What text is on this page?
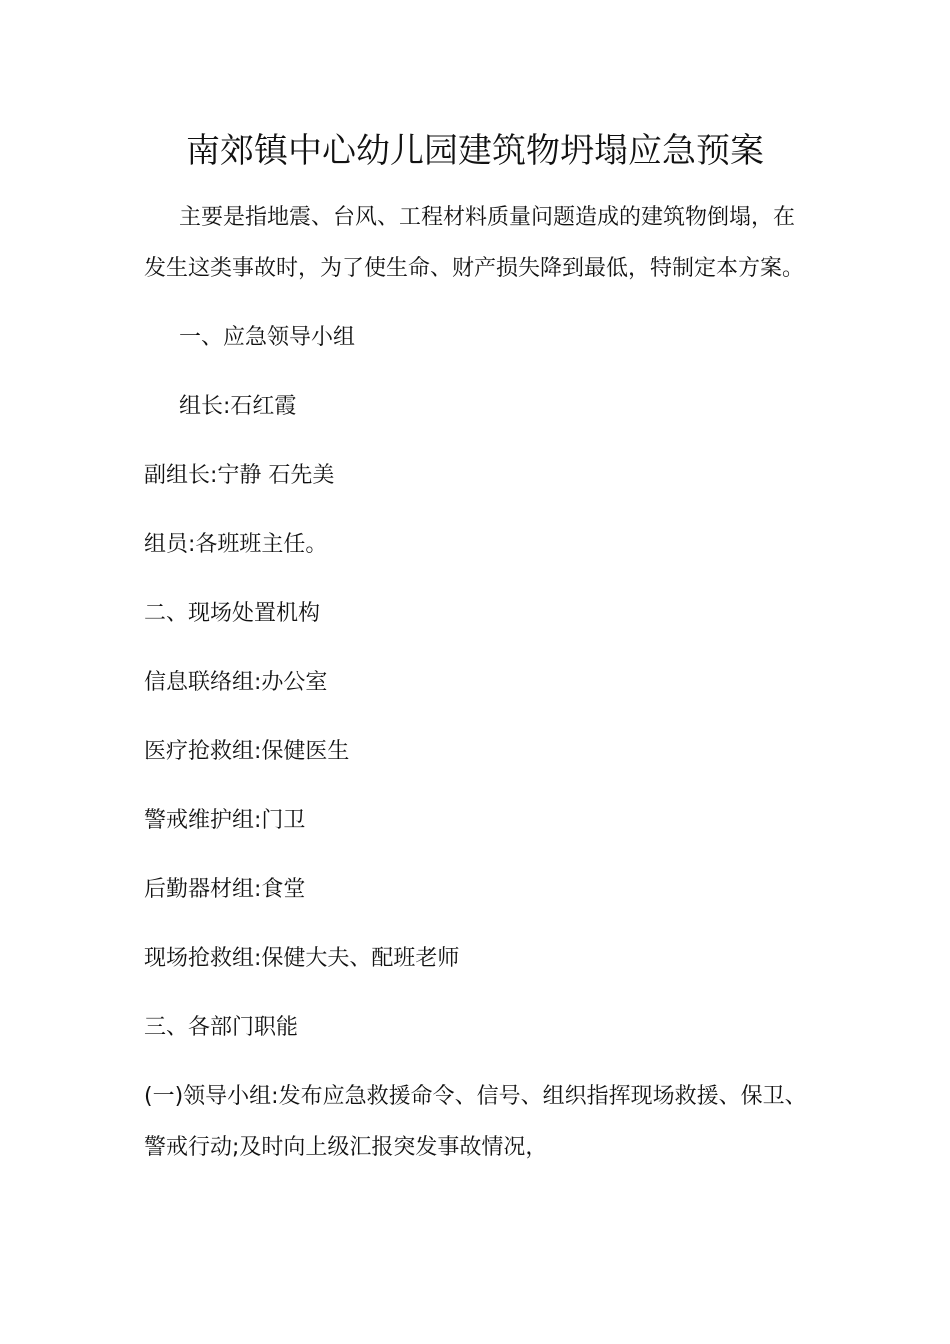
南郊镇中心幼儿园建筑物坍塌应急预案
主要是指地震、台风、工程材料质量问题造成的建筑物倒塌，在
发生这类事故时，为了使生命、财产损失降到最低，特制定本方案。
一、应急领导小组
组长:石红霞
副组长:宁静 石先美
组员:各班班主任。
二、现场处置机构
信息联络组:办公室
医疗抢救组:保健医生
警戒维护组:门卫
后勤器材组:食堂
现场抢救组:保健大夫、配班老师
三、各部门职能
(一)领导小组:发布应急救援命令、信号、组织指挥现场救援、保卫、
警戒行动;及时向上级汇报突发事故情况，
